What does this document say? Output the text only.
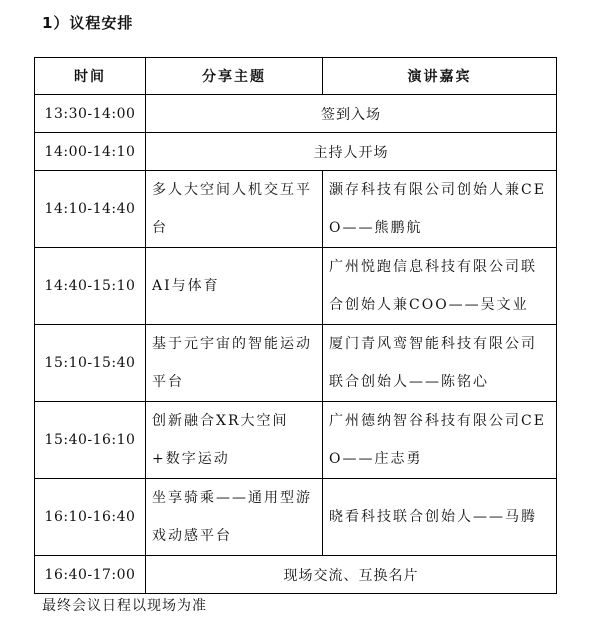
1）议程安排
时间	分享主题	演讲嘉宾
13:30-14:00	签到入场	
14:00-14:10	主持人开场	
14:10-14:40	多人大空间人机交互平台	灏存科技有限公司创始人兼CEO——熊鹏航
14:40-15:10	AI与体育	广州悦跑信息科技有限公司联合创始人兼COO——吴文业
15:10-15:40	基于元宇宙的智能运动平台	厦门青风鸾智能科技有限公司联合创始人——陈铭心
15:40-16:10	创新融合XR大空间+数字运动	广州德纳智谷科技有限公司CEO——庄志勇
16:10-16:40	坐享骑乘——通用型游戏动感平台	晓看科技联合创始人——马腾
16:40-17:00	现场交流、互换名片	
最终会议日程以现场为准
